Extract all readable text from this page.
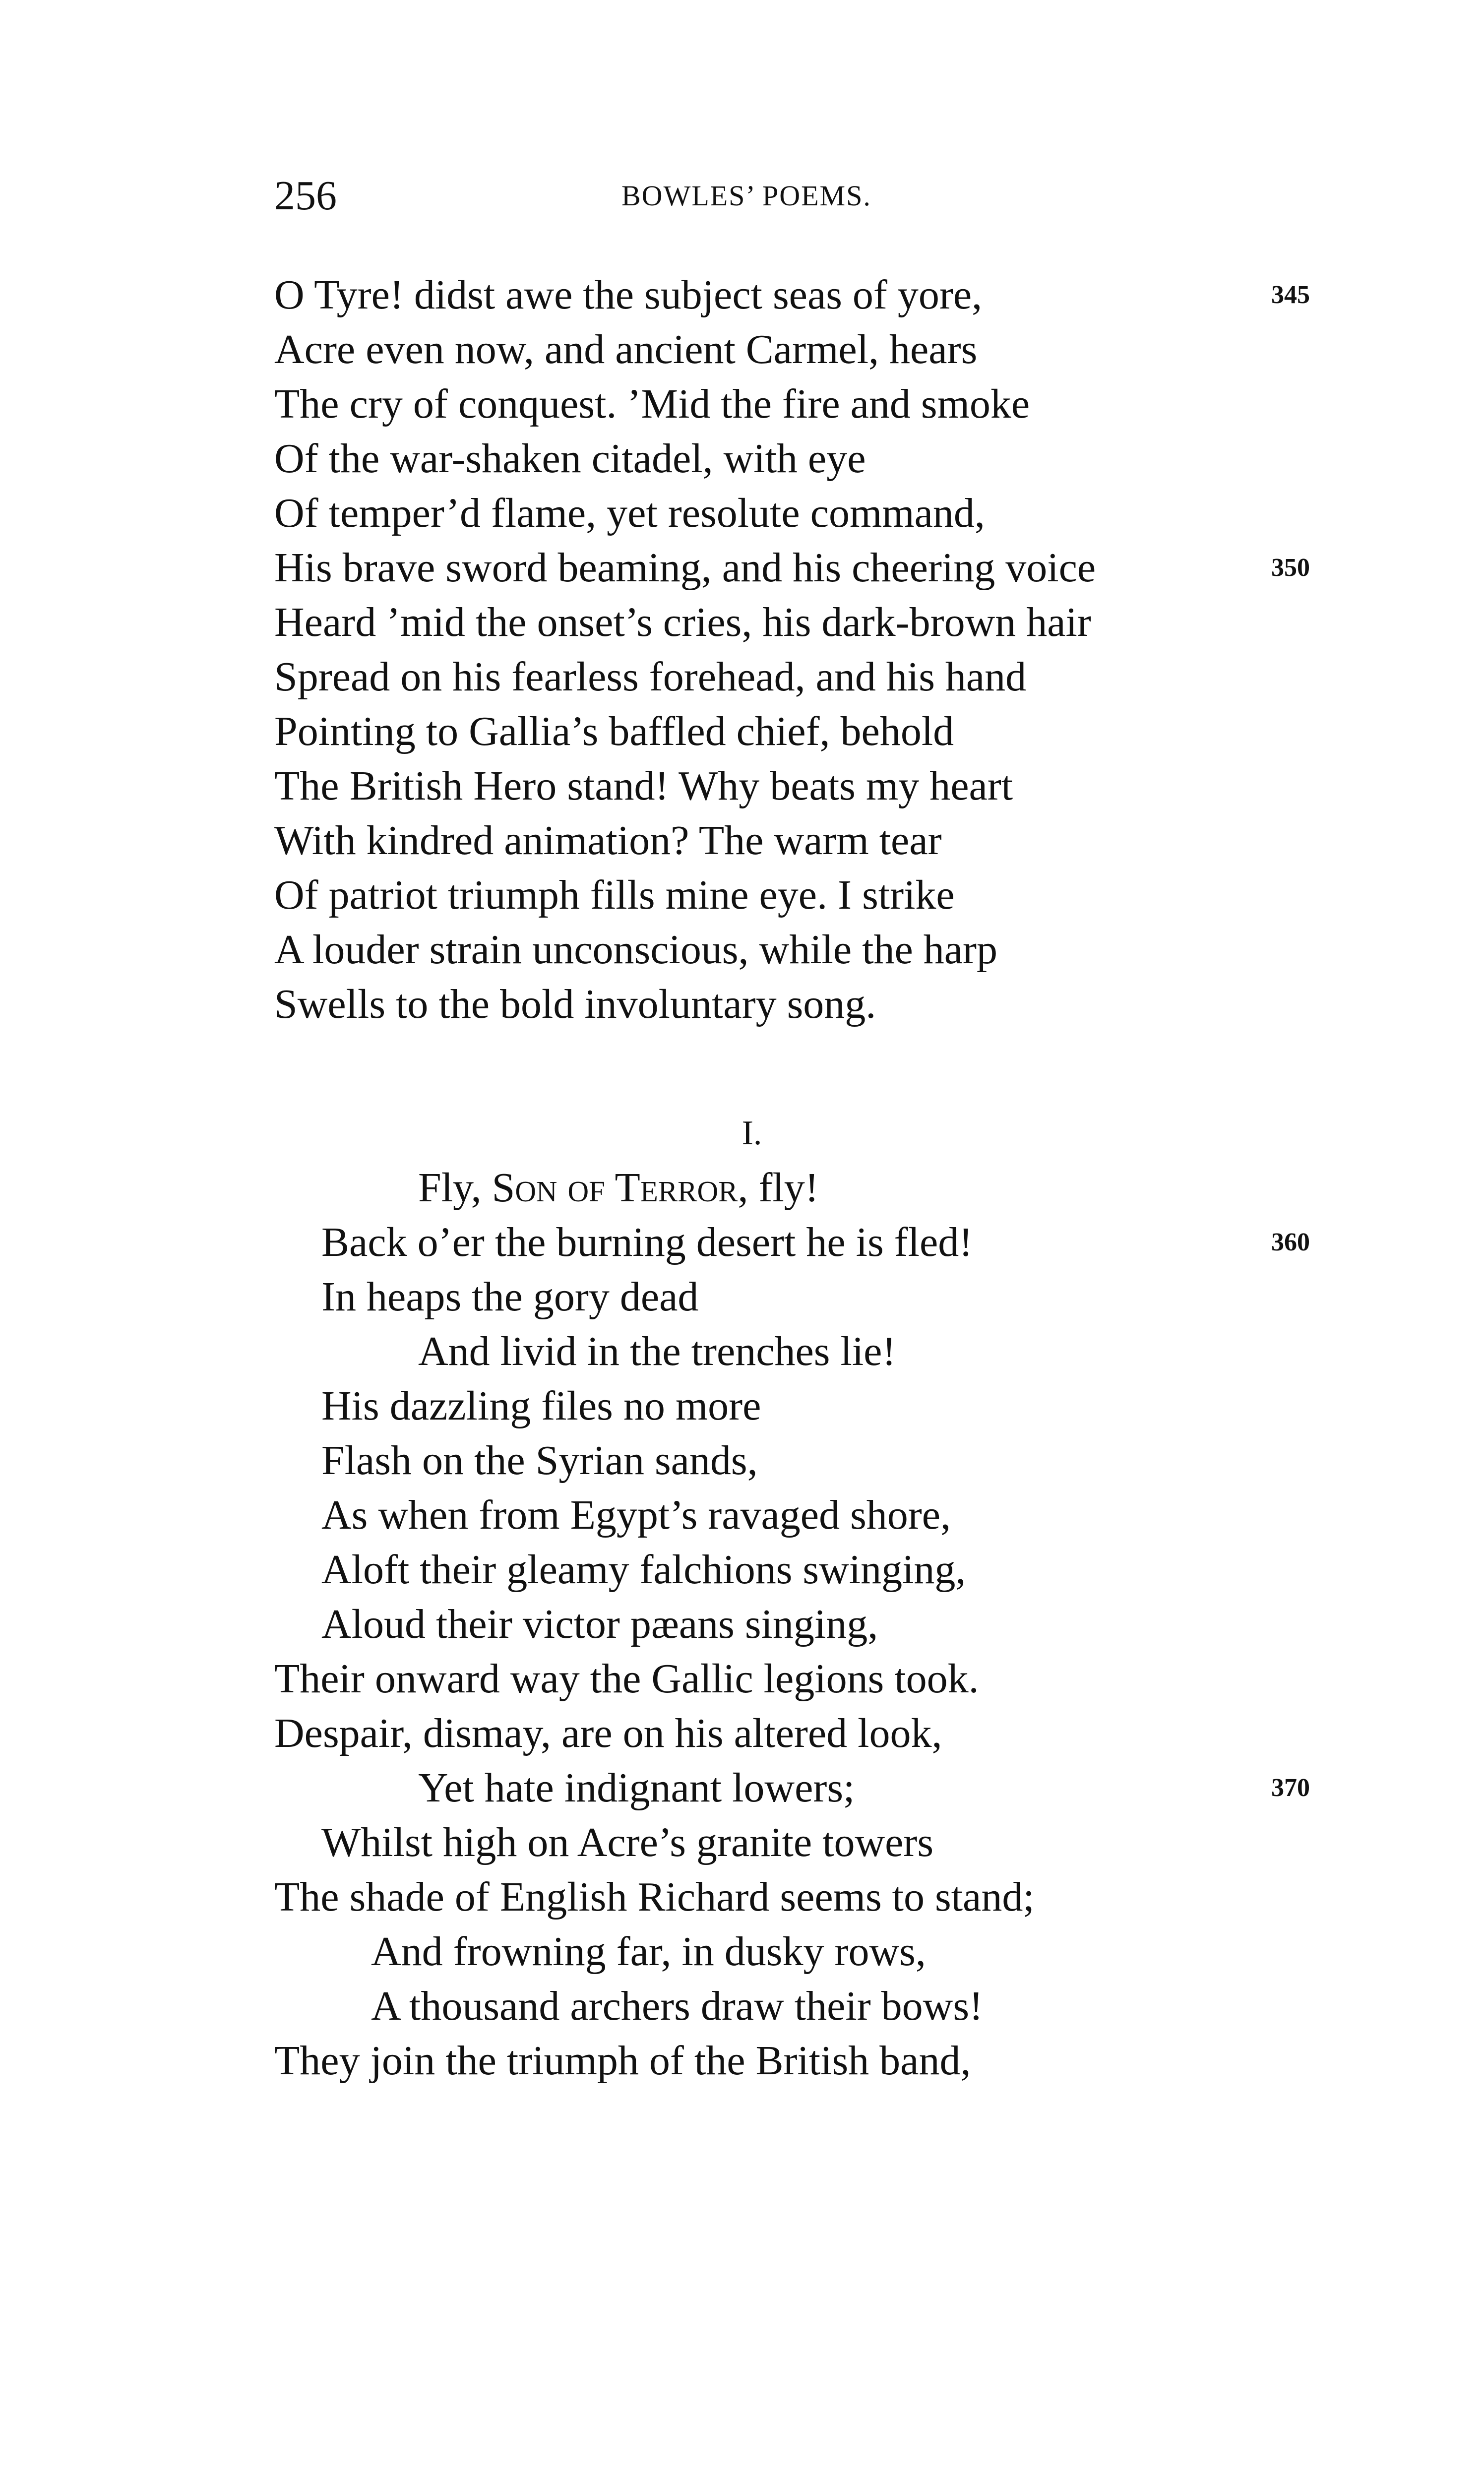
256	BOWLES’ POEMS.
O Tyre! didst awe the subject seas of yore,	345
Acre even now, and ancient Carmel, hears
The cry of conquest. ’Mid the fire and smoke
Of the war-shaken citadel, with eye
Of temper’d flame, yet resolute command,
His brave sword beaming, and his cheering voice	350
Heard ’mid the onset’s cries, his dark-brown hair
Spread on his fearless forehead, and his hand
Pointing to Gallia’s baffled chief, behold
The British Hero stand! Why beats my heart
With kindred animation? The warm tear
Of patriot triumph fills mine eye. I strike
A louder strain unconscious, while the harp
Swells to the bold involuntary song.
I.
Fly, Son of Terror, fly!
Back o’er the burning desert he is fled!	360
In heaps the gory dead
And livid in the trenches lie!
His dazzling files no more
Flash on the Syrian sands,
As when from Egypt’s ravaged shore,
Aloft their gleamy falchions swinging,
Aloud their victor pæans singing,
Their onward way the Gallic legions took.
Despair, dismay, are on his altered look,
Yet hate indignant lowers;	370
Whilst high on Acre’s granite towers
The shade of English Richard seems to stand;
And frowning far, in dusky rows,
A thousand archers draw their bows!
They join the triumph of the British band,
